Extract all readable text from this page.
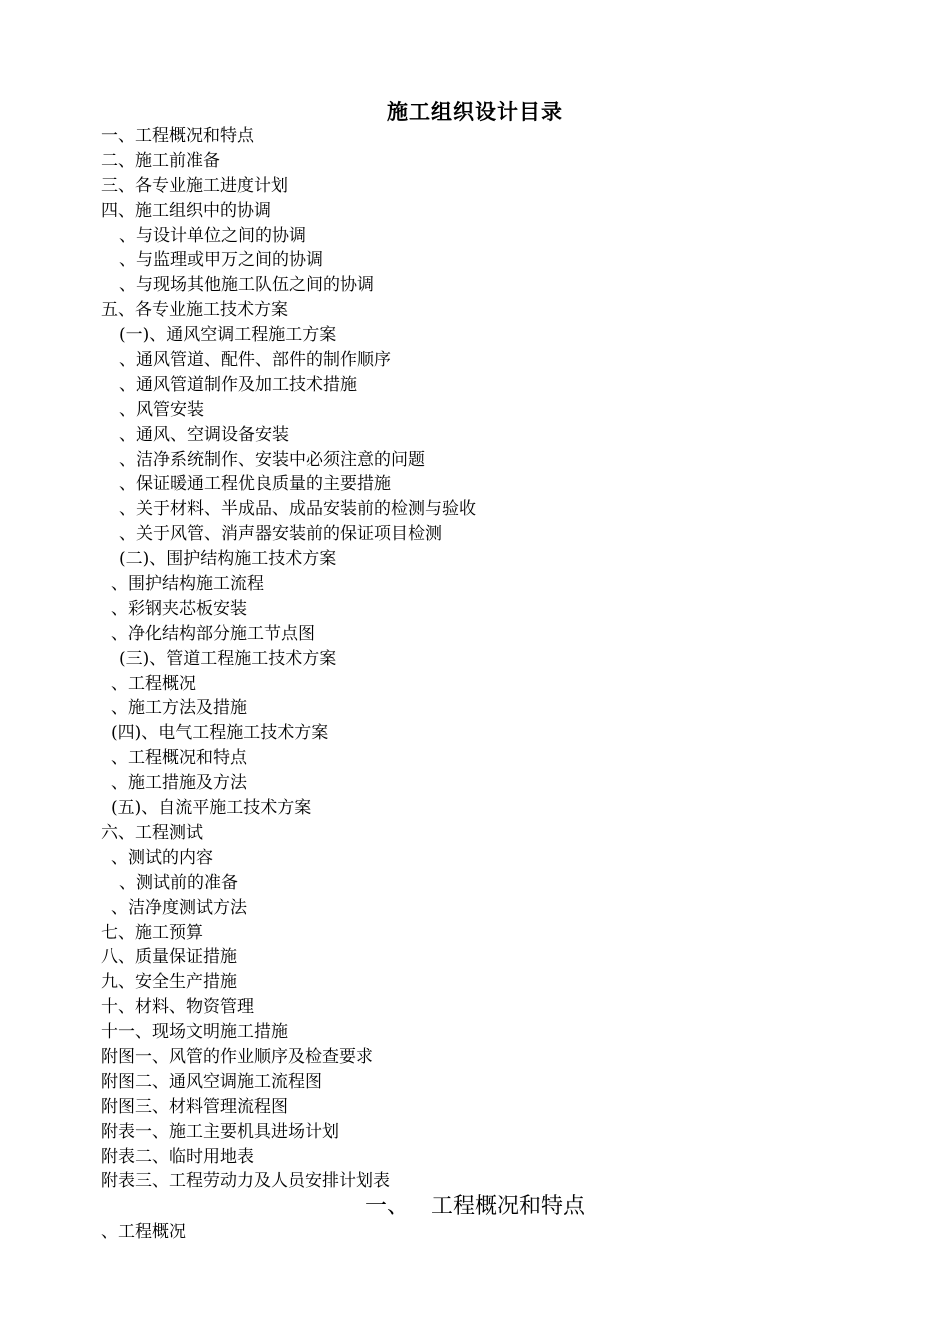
施工组织设计目录
一、工程概况和特点
二、施工前准备
三、各专业施工进度计划
四、施工组织中的协调
、与设计单位之间的协调
、与监理或甲万之间的协调
、与现场其他施工队伍之间的协调
五、各专业施工技术方案
(一)、通风空调工程施工方案
、通风管道、配件、部件的制作顺序
、通风管道制作及加工技术措施
、风管安装
、通风、空调设备安装
、洁净系统制作、安装中必须注意的问题
、保证暖通工程优良质量的主要措施
、关于材料、半成品、成品安装前的检测与验收
、关于风管、消声器安装前的保证项目检测
(二)、围护结构施工技术方案
、围护结构施工流程
、彩钢夹芯板安装
、净化结构部分施工节点图
(三)、管道工程施工技术方案
、工程概况
、施工方法及措施
(四)、电气工程施工技术方案
、工程概况和特点
、施工措施及方法
(五)、自流平施工技术方案
六、工程测试
、测试的内容
、测试前的准备
、洁净度测试方法
七、施工预算
八、质量保证措施
九、安全生产措施
十、材料、物资管理
十一、现场文明施工措施
附图一、风管的作业顺序及检查要求
附图二、通风空调施工流程图
附图三、材料管理流程图
附表一、施工主要机具进场计划
附表二、临时用地表
附表三、工程劳动力及人员安排计划表
一、 工程概况和特点
、工程概况
